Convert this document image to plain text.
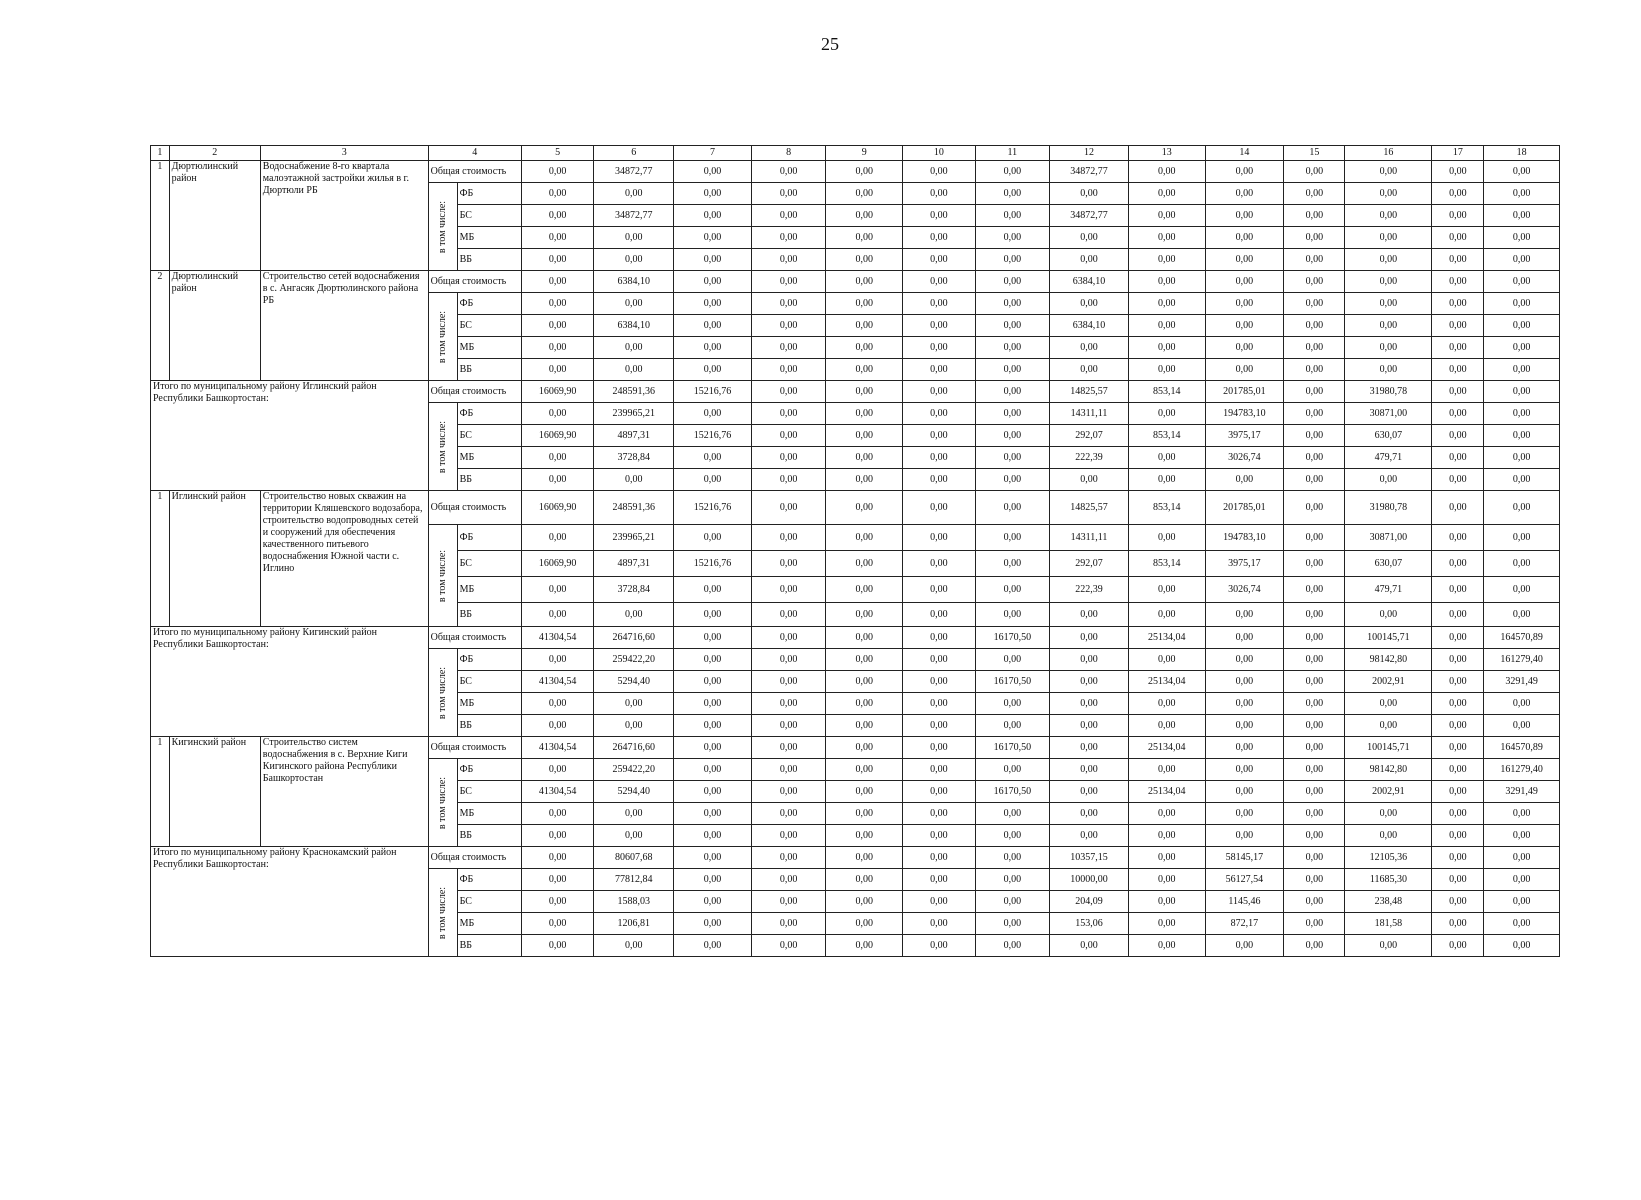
25
1	2	3	4		5	6	7	8	9	10	11	12	13	14	15	16	17	18
1	Дюртюлинский район	Водоснабжение 8-го квартала малоэтажной застройки жилья в г. Дюртюли РБ	Общая стоимость		0,00	34872,77	0,00	0,00	0,00	0,00	0,00	34872,77	0,00	0,00	0,00	0,00	0,00	0,00

			в том числе:	ФБ	0,00	0,00	0,00	0,00	0,00	0,00	0,00	0,00	0,00	0,00	0,00	0,00	0,00	0,00
				БС	0,00	34872,77	0,00	0,00	0,00	0,00	0,00	34872,77	0,00	0,00	0,00	0,00	0,00	0,00
				МБ	0,00	0,00	0,00	0,00	0,00	0,00	0,00	0,00	0,00	0,00	0,00	0,00	0,00	0,00
				ВБ	0,00	0,00	0,00	0,00	0,00	0,00	0,00	0,00	0,00	0,00	0,00	0,00	0,00	0,00
2	Дюртюлинский район	Строительство сетей водоснабжения в с. Ангасяк Дюртюлинского района РБ	Общая стоимость		0,00	6384,10	0,00	0,00	0,00	0,00	0,00	6384,10	0,00	0,00	0,00	0,00	0,00	0,00

			в том числе:	ФБ	0,00	0,00	0,00	0,00	0,00	0,00	0,00	0,00	0,00	0,00	0,00	0,00	0,00	0,00
				БС	0,00	6384,10	0,00	0,00	0,00	0,00	0,00	6384,10	0,00	0,00	0,00	0,00	0,00	0,00
				МБ	0,00	0,00	0,00	0,00	0,00	0,00	0,00	0,00	0,00	0,00	0,00	0,00	0,00	0,00
				ВБ	0,00	0,00	0,00	0,00	0,00	0,00	0,00	0,00	0,00	0,00	0,00	0,00	0,00	0,00
Итого по муниципальному району Иглинский район Республики Башкортостан:			Общая стоимость		16069,90	248591,36	15216,76	0,00	0,00	0,00	0,00	14825,57	853,14	201785,01	0,00	31980,78	0,00	0,00

			в том числе:	ФБ	0,00	239965,21	0,00	0,00	0,00	0,00	0,00	14311,11	0,00	194783,10	0,00	30871,00	0,00	0,00
				БС	16069,90	4897,31	15216,76	0,00	0,00	0,00	0,00	292,07	853,14	3975,17	0,00	630,07	0,00	0,00
				МБ	0,00	3728,84	0,00	0,00	0,00	0,00	0,00	222,39	0,00	3026,74	0,00	479,71	0,00	0,00
				ВБ	0,00	0,00	0,00	0,00	0,00	0,00	0,00	0,00	0,00	0,00	0,00	0,00	0,00	0,00
1	Иглинский район	Строительство новых скважин на территории Кляшевского водозабора, строительство водопроводных сетей и сооружений для обеспечения качественного питьевого водоснабжения Южной части с. Иглино	Общая стоимость		16069,90	248591,36	15216,76	0,00	0,00	0,00	0,00	14825,57	853,14	201785,01	0,00	31980,78	0,00	0,00

			в том числе:	ФБ	0,00	239965,21	0,00	0,00	0,00	0,00	0,00	14311,11	0,00	194783,10	0,00	30871,00	0,00	0,00
				БС	16069,90	4897,31	15216,76	0,00	0,00	0,00	0,00	292,07	853,14	3975,17	0,00	630,07	0,00	0,00
				МБ	0,00	3728,84	0,00	0,00	0,00	0,00	0,00	222,39	0,00	3026,74	0,00	479,71	0,00	0,00
				ВБ	0,00	0,00	0,00	0,00	0,00	0,00	0,00	0,00	0,00	0,00	0,00	0,00	0,00	0,00
Итого по муниципальному району Кигинский район Республики Башкортостан:			Общая стоимость		41304,54	264716,60	0,00	0,00	0,00	0,00	16170,50	0,00	25134,04	0,00	0,00	100145,71	0,00	164570,89

			в том числе:	ФБ	0,00	259422,20	0,00	0,00	0,00	0,00	0,00	0,00	0,00	0,00	0,00	98142,80	0,00	161279,40
				БС	41304,54	5294,40	0,00	0,00	0,00	0,00	16170,50	0,00	25134,04	0,00	0,00	2002,91	0,00	3291,49
				МБ	0,00	0,00	0,00	0,00	0,00	0,00	0,00	0,00	0,00	0,00	0,00	0,00	0,00	0,00
				ВБ	0,00	0,00	0,00	0,00	0,00	0,00	0,00	0,00	0,00	0,00	0,00	0,00	0,00	0,00
1	Кигинский район	Строительство систем водоснабжения в с. Верхние Киги Кигинского района Республики Башкортостан	Общая стоимость		41304,54	264716,60	0,00	0,00	0,00	0,00	16170,50	0,00	25134,04	0,00	0,00	100145,71	0,00	164570,89

			в том числе:	ФБ	0,00	259422,20	0,00	0,00	0,00	0,00	0,00	0,00	0,00	0,00	0,00	98142,80	0,00	161279,40
				БС	41304,54	5294,40	0,00	0,00	0,00	0,00	16170,50	0,00	25134,04	0,00	0,00	2002,91	0,00	3291,49
				МБ	0,00	0,00	0,00	0,00	0,00	0,00	0,00	0,00	0,00	0,00	0,00	0,00	0,00	0,00
				ВБ	0,00	0,00	0,00	0,00	0,00	0,00	0,00	0,00	0,00	0,00	0,00	0,00	0,00	0,00
Итого по муниципальному району Краснокамский район Республики Башкортостан:			Общая стоимость		0,00	80607,68	0,00	0,00	0,00	0,00	0,00	10357,15	0,00	58145,17	0,00	12105,36	0,00	0,00

			в том числе:	ФБ	0,00	77812,84	0,00	0,00	0,00	0,00	0,00	10000,00	0,00	56127,54	0,00	11685,30	0,00	0,00
				БС	0,00	1588,03	0,00	0,00	0,00	0,00	0,00	204,09	0,00	1145,46	0,00	238,48	0,00	0,00
				МБ	0,00	1206,81	0,00	0,00	0,00	0,00	0,00	153,06	0,00	872,17	0,00	181,58	0,00	0,00
				ВБ	0,00	0,00	0,00	0,00	0,00	0,00	0,00	0,00	0,00	0,00	0,00	0,00	0,00	0,00
